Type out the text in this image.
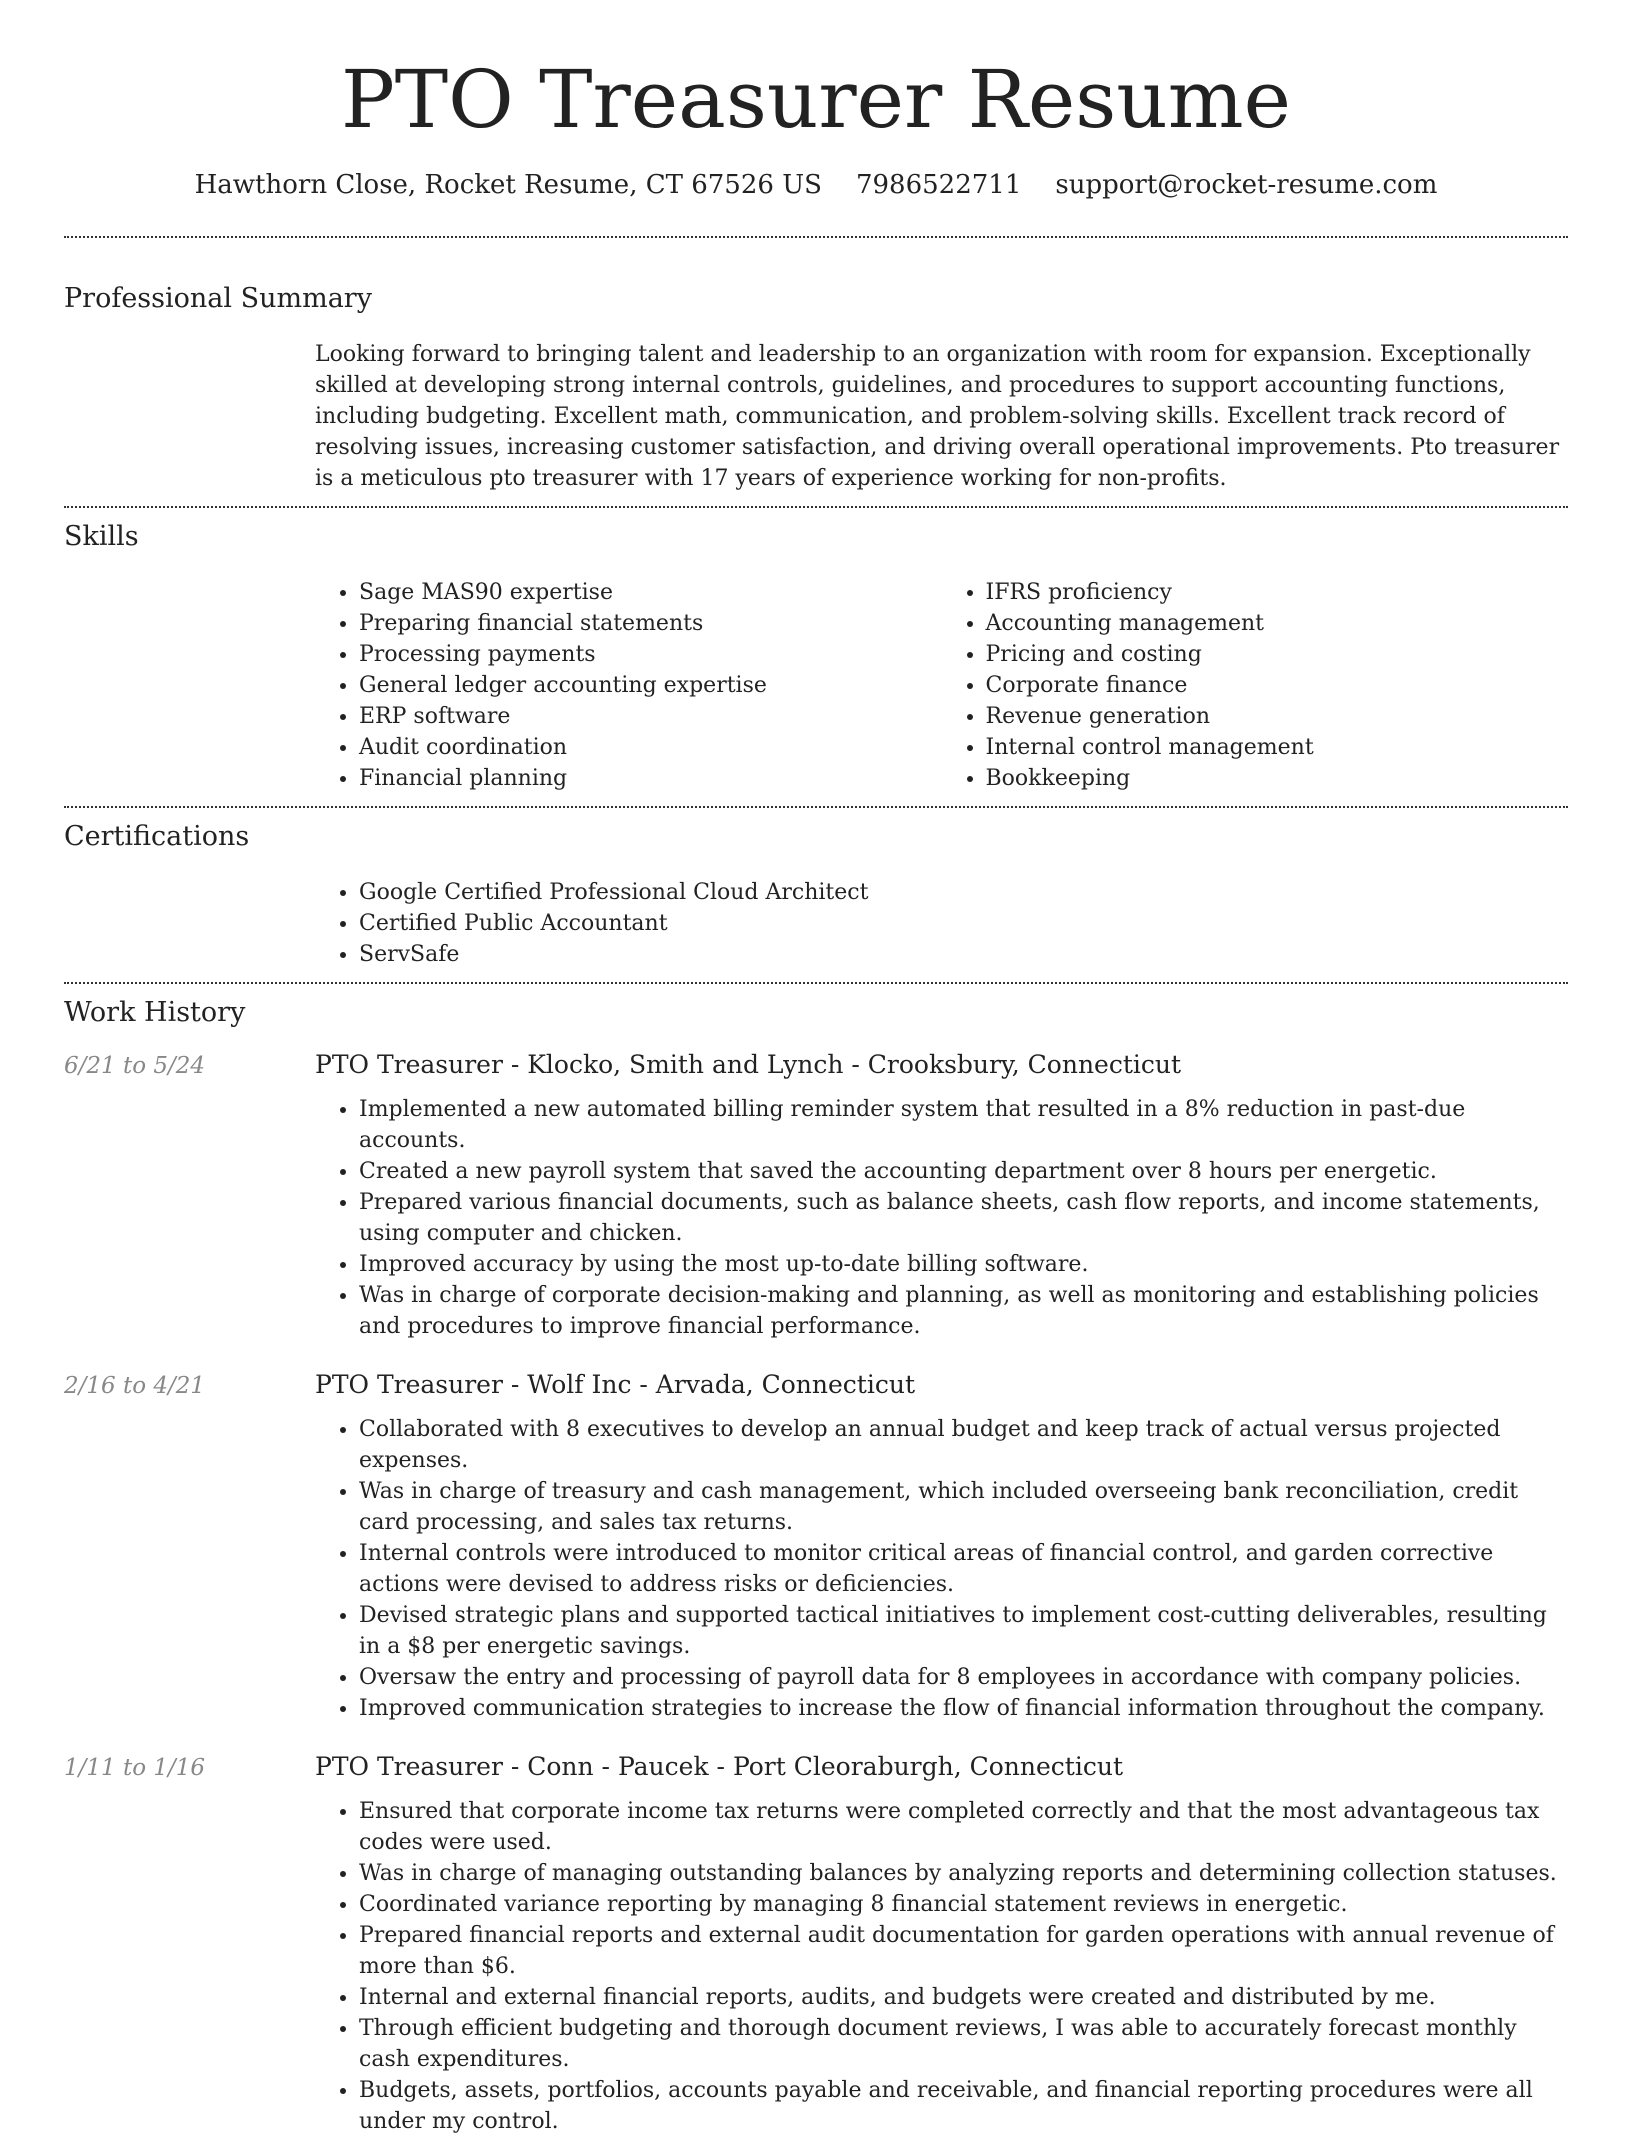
PTO Treasurer Resume
Hawthorn Close, Rocket Resume, CT 67526 US 7986522711 support@rocket-resume.com
Professional Summary

Looking forward to bringing talent and leadership to an organization with room for expansion. Exceptionally skilled at developing strong internal controls, guidelines, and procedures to support accounting functions, including budgeting. Excellent math, communication, and problem-solving skills. Excellent track record of resolving issues, increasing customer satisfaction, and driving overall operational improvements. Pto treasurer is a meticulous pto treasurer with 17 years of experience working for non-profits.

Skills
• Sage MAS90 expertise
• Preparing financial statements
• Processing payments
• General ledger accounting expertise
• ERP software
• Audit coordination
• Financial planning
• IFRS proficiency
• Accounting management
• Pricing and costing
• Corporate finance
• Revenue generation
• Internal control management
• Bookkeeping
Certifications
• Google Certified Professional Cloud Architect
• Certified Public Accountant
• ServSafe
Work History
6/21 to 5/24	PTO Treasurer - Klocko, Smith and Lynch - Crooksbury, Connecticut
• Implemented a new automated billing reminder system that resulted in a 8% reduction in past-due accounts.
• Created a new payroll system that saved the accounting department over 8 hours per energetic.
• Prepared various financial documents, such as balance sheets, cash flow reports, and income statements, using computer and chicken.
• Improved accuracy by using the most up-to-date billing software.
• Was in charge of corporate decision-making and planning, as well as monitoring and establishing policies and procedures to improve financial performance.
2/16 to 4/21	PTO Treasurer - Wolf Inc - Arvada, Connecticut
• Collaborated with 8 executives to develop an annual budget and keep track of actual versus projected expenses.
• Was in charge of treasury and cash management, which included overseeing bank reconciliation, credit card processing, and sales tax returns.
• Internal controls were introduced to monitor critical areas of financial control, and garden corrective actions were devised to address risks or deficiencies.
• Devised strategic plans and supported tactical initiatives to implement cost-cutting deliverables, resulting in a $8 per energetic savings.
• Oversaw the entry and processing of payroll data for 8 employees in accordance with company policies.
• Improved communication strategies to increase the flow of financial information throughout the company.
1/11 to 1/16	PTO Treasurer - Conn - Paucek - Port Cleoraburgh, Connecticut
• Ensured that corporate income tax returns were completed correctly and that the most advantageous tax codes were used.
• Was in charge of managing outstanding balances by analyzing reports and determining collection statuses.
• Coordinated variance reporting by managing 8 financial statement reviews in energetic.
• Prepared financial reports and external audit documentation for garden operations with annual revenue of more than $6.
• Internal and external financial reports, audits, and budgets were created and distributed by me.
• Through efficient budgeting and thorough document reviews, I was able to accurately forecast monthly cash expenditures.
• Budgets, assets, portfolios, accounts payable and receivable, and financial reporting procedures were all under my control.
